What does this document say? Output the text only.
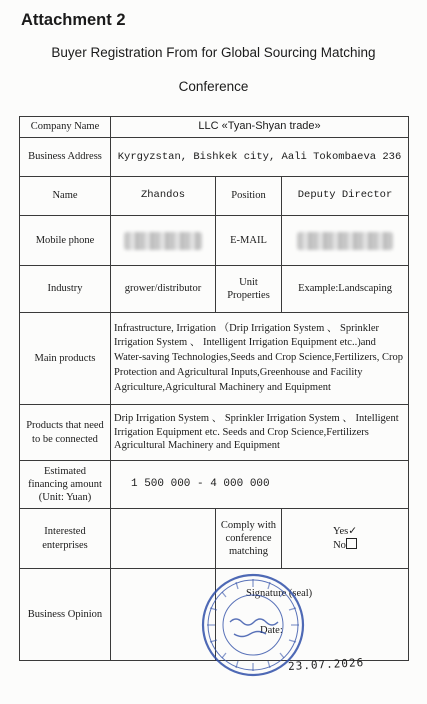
Attachment 2
Buyer Registration From for Global Sourcing Matching
Conference
Company Name	LLC «Tyan-Shyan trade»		
Business Address	Kyrgyzstan, Bishkek city, Aali Tokombaeva 236		
Name	Zhandos	Position	Deputy Director
Mobile phone		E-MAIL	
Industry	grower/distributor	Unit Properties	Example:Landscaping
Main products	Infrastructure, Irrigation （Drip Irrigation System 、 Sprinkler Irrigation System 、 Intelligent Irrigation Equipment etc..)and Water-saving Technologies,Seeds and Crop Science,Fertilizers, Crop Protection and Agricultural Inputs,Greenhouse and Facility Agriculture,Agricultural Machinery and Equipment		
Products that need to be connected	Drip Irrigation System 、 Sprinkler Irrigation System 、 Intelligent Irrigation Equipment etc. Seeds and Crop Science,Fertilizers Agricultural Machinery and Equipment		
Estimated financing amount (Unit: Yuan)	1 500 000 - 4 000 000		
Interested enterprises		Comply with conference matching	Yes✓
No

Business Opinion		Signature (seal)
Date:	
23.07.2026
